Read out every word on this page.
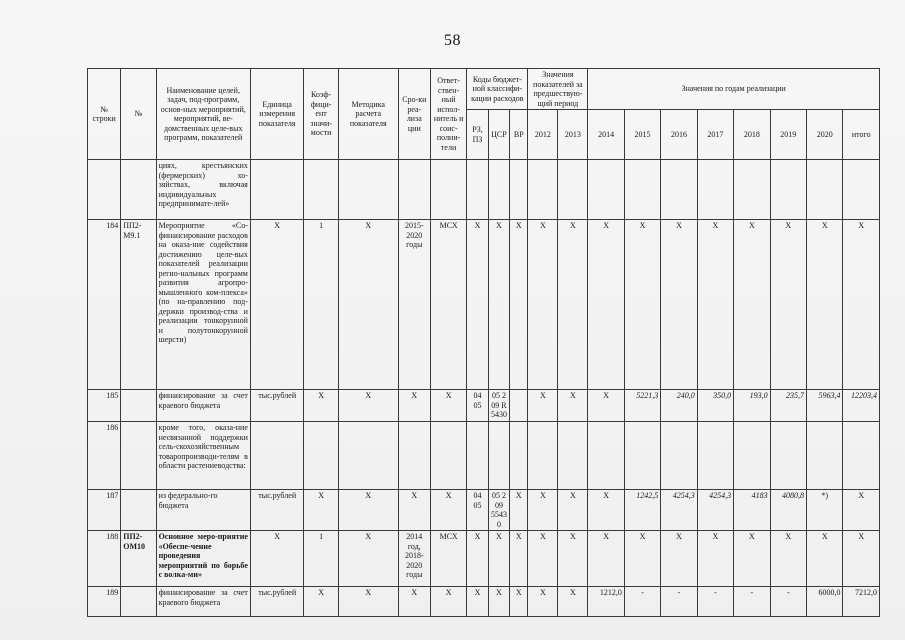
58
№ строки	№	Наименование целей, задач, под-программ, основ-ных мероприятий, мероприятий, ве-домственных целе-вых программ, показателей	Единица измерения показателя	Коэф-фици-ент значи-мости	Методика расчета показателя	Сро-ки реа-лиза ции	Ответ-ствен-ный испол-нитель и соис-полни-тели	Коды бюджет-ной классифи-кации расходов			Значения показателей за предшествую-щий период		Значения по годам реализации							
								РЗ, ПЗ	ЦСР	ВР	2012	2013	2014	2015	2016	2017	2018	2019	2020	итого
		циях, крестьянских (фермерских) хо-зяйствах, включая индивидуальных предпринимате-лей»																		
184	ПП2-М9.1	Мероприятие «Со-финансирование расходов на оказа-ние содействия достижению целе-вых показателей реализации регио-нальных программ развития агропро-мышленного ком-плекса» (по на-правлению под-держки производ-ства и реализации тонкорунной и полутонкорунной шерсти)	X	1	X	2015-2020 годы	МСХ	X	X	X	X	X	X	X	X	X	X	X	X	X
185		финансирование за счет краевого бюджета	тыс.рублей	X	X	X	X	04 05	05 2 09 R 5430		X	X	X	5221,3	240,0	350,0	193,0	235,7	5963,4	12203,4
186		кроме того, оказа-ние несвязанной поддержки сель-скохозяйственным товаропроизводи-телям в области растениеводства:																		
187		из федерально-го бюджета	тыс.рублей	X	X	X	X	04 05	05 2 09 55430	X	X	X	X	1242,5	4254,3	4254,3	4183	4080,8	*)	X
188	ПП2-ОМ10	Основное меро-приятие «Обеспе-чение проведения мероприятий по борьбе с волка-ми»	X	1	X	2014 год, 2018-2020 годы	МСХ	X	X	X	X	X	X	X	X	X	X	X	X	X
189		финансирование за счет краевого бюджета	тыс.рублей	X	X	X	X	X	X	X	X	X	1212,0	-	-	-	-	-	6000,0	7212,0
